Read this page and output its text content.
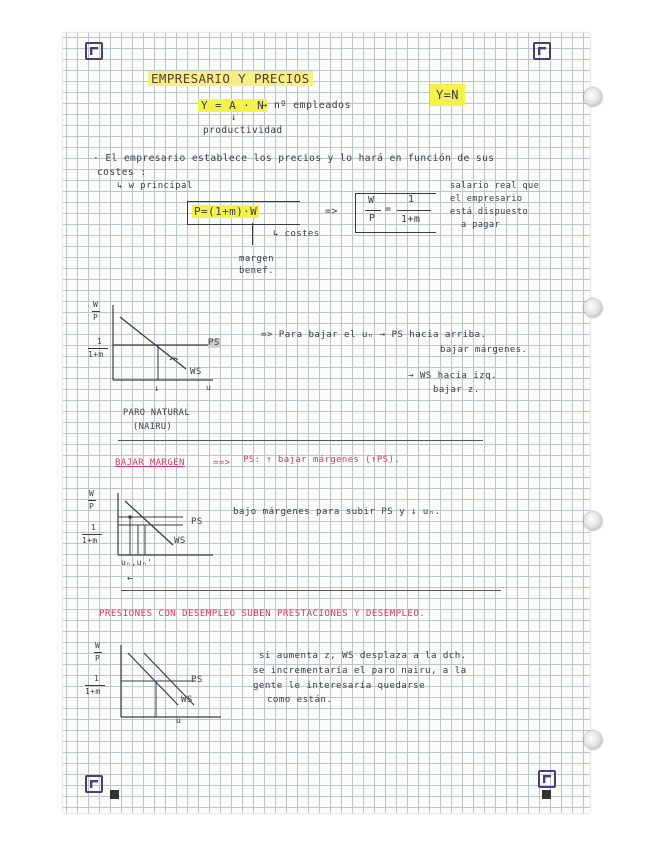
EMPRESARIO Y PRECIOS
Y = A · N
→ nº empleados
↓
productividad
Y=N
· El empresario establece los precios y lo hará en función de sus
costes :
↳ w principal
P=(1+m)·W
↳ costes
margen
benef.
=>
W
P
=
1
1+m
salario real que
el empresario
está dispuesto
a pagar
W
P
1
1+m
PS
WS
u
↓
PARO NATURAL
(NAIRU)
=> Para bajar el uₙ → PS hacia arriba.
bajar márgenes.
→ WS hacia izq.
bajar z.
BAJAR MARGEN	==> PS: ↑ bajar márgenes (↑PS).
W
P
1
1+m
PS
WS
uₙ,uₙ'
←
bajo márgenes para subir PS y ↓ uₙ.
PRESIONES CON DESEMPLEO SUBEN PRESTACIONES Y DESEMPLEO.
W
P
1
1+m
PS
WS
u
si aumenta z, WS desplaza a la dch.
se incrementaría el paro nairu, a la
gente le interesaría quedarse
como están.
